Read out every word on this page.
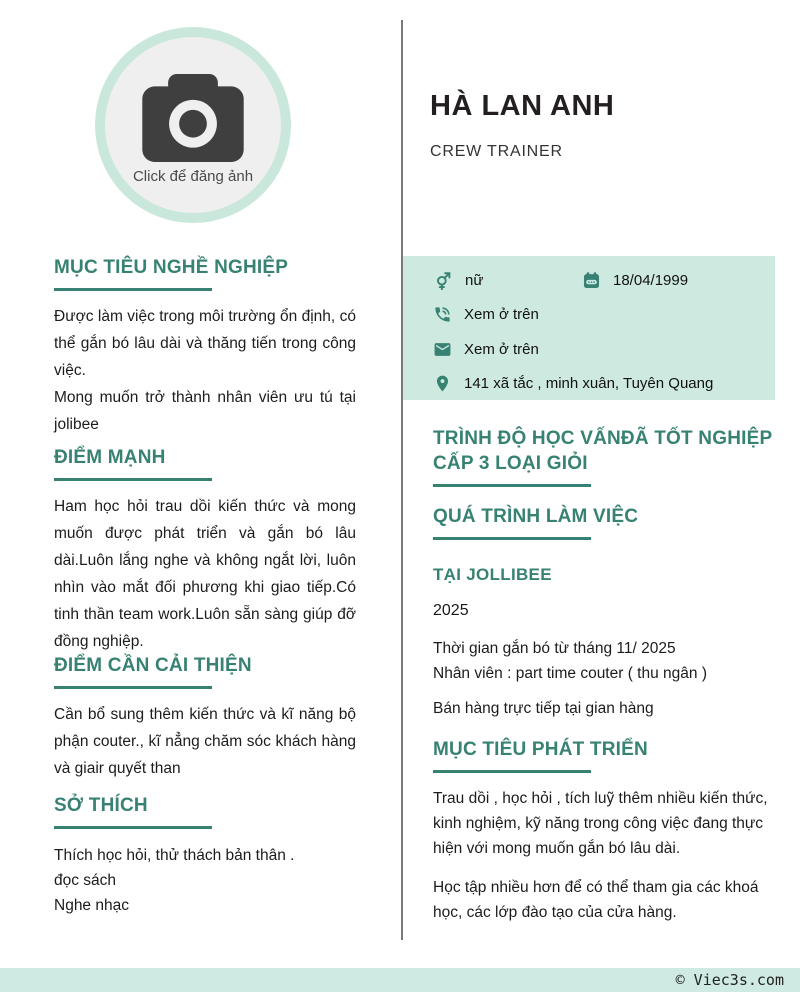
Click để đăng ảnh
MỤC TIÊU NGHỀ NGHIỆP

Được làm việc trong môi trường ổn định, có thể gắn bó lâu dài và thăng tiến trong công việc.

Mong muốn trở thành nhân viên ưu tú tại jolibee

ĐIỂM MẠNH

Ham học hỏi trau dồi kiến thức và mong muốn được phát triển và gắn bó lâu dài.Luôn lắng nghe và không ngắt lời, luôn nhìn vào mắt đối phương khi giao tiếp.Có tinh thần team work.Luôn sẵn sàng giúp đỡ đồng nghiệp.

ĐIỂM CẦN CẢI THIỆN

Cần bổ sung thêm kiến thức và kĩ năng bộ phận couter., kĩ nẳng chăm sóc khách hàng và giair quyết than

SỞ THÍCH

Thích học hỏi, thử thách bản thân .

đọc sách

Nghe nhạc

HÀ LAN ANH
CREW TRAINER
nữ	18/04/1999
Xem ở trên
Xem ở trên
141 xã tắc , minh xuân, Tuyên Quang
TRÌNH ĐỘ HỌC VẤNĐÃ TỐT NGHIỆP CẤP 3 LOẠI GIỎI
QUÁ TRÌNH LÀM VIỆC
TẠI JOLLIBEE
2025
Thời gian gắn bó từ tháng 11/ 2025
Nhân viên : part time couter ( thu ngân )
Bán hàng trực tiếp tại gian hàng
MỤC TIÊU PHÁT TRIỂN

Trau dồi , học hỏi , tích luỹ thêm nhiều kiến thức, kinh nghiệm, kỹ năng trong công việc đang thực hiện với mong muốn gắn bó lâu dài.

Học tập nhiều hơn để có thể tham gia các khoá học, các lớp đào tạo của cửa hàng.

© Viec3s.com
